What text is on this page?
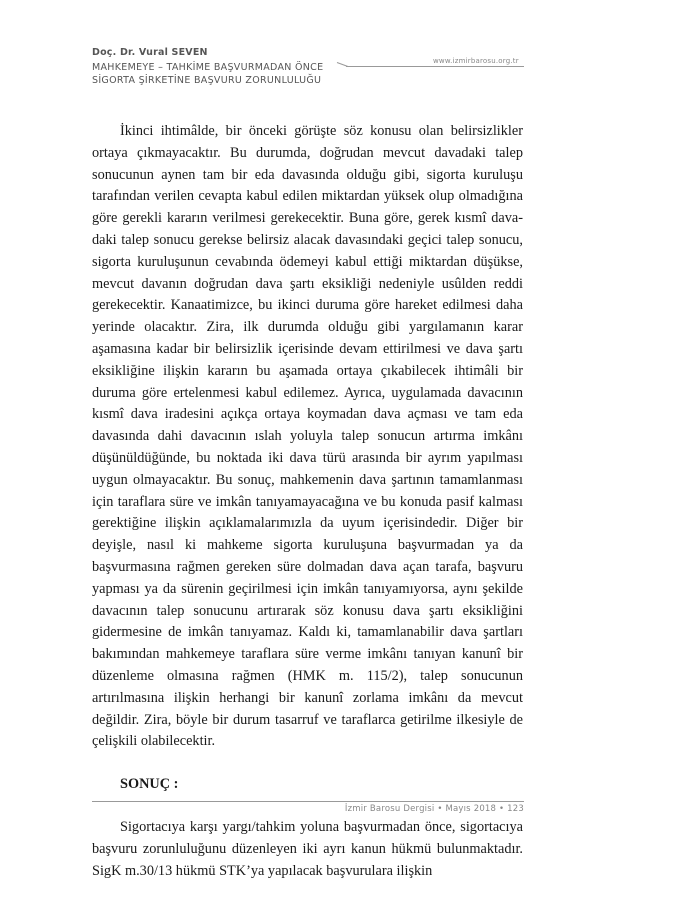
Doç. Dr. Vural SEVEN
MAHKEMEYE – TAHKİME BAŞVURMADAN ÖNCE
SİGORTA ŞİRKETİNE BAŞVURU ZORUNLULUĞU
www.izmirbarosu.org.tr

İkinci ihtimâlde, bir önceki görüşte söz konusu olan belirsizlikler ortaya çıkmayacaktır. Bu durumda, doğrudan mevcut davadaki talep sonucunun aynen tam bir eda davasında olduğu gibi, sigorta kuruluşu tarafından verilen cevapta kabul edilen miktardan yüksek olup olmadığına göre gerekli kararın verilmesi gerekecektir. Buna göre, gerek kısmî dava-daki talep sonucu gerekse belirsiz alacak davasındaki geçici talep sonucu, sigorta kuruluşunun cevabında ödemeyi kabul ettiği miktardan düşükse, mevcut davanın doğrudan dava şartı eksikliği nedeniyle usûlden reddi gerekecektir. Kanaatimizce, bu ikinci duruma göre hareket edilmesi daha yerinde olacaktır. Zira, ilk durumda olduğu gibi yargılamanın karar aşamasına kadar bir belirsizlik içerisinde devam ettirilmesi ve dava şartı eksikliğine ilişkin kararın bu aşamada ortaya çıkabilecek ihtimâli bir duruma göre ertelenmesi kabul edilemez. Ayrıca, uygulamada davacının kısmî dava iradesini açıkça ortaya koymadan dava açması ve tam eda davasında dahi davacının ıslah yoluyla talep sonucun artırma imkânı düşünüldüğünde, bu noktada iki dava türü arasında bir ayrım yapılması uygun olmayacaktır. Bu sonuç, mahkemenin dava şartının tamamlanması için taraflara süre ve imkân tanıyamayacağına ve bu konuda pasif kalması gerektiğine ilişkin açıklamalarımızla da uyum içerisindedir. Diğer bir deyişle, nasıl ki mahkeme sigorta kuruluşuna başvurmadan ya da başvurmasına rağmen gereken süre dolmadan dava açan tarafa, başvuru yapması ya da sürenin geçirilmesi için imkân tanıyamıyorsa, aynı şekilde davacının talep sonucunu artırarak söz konusu dava şartı eksikliğini gidermesine de imkân tanıyamaz. Kaldı ki, tamamlanabilir dava şartları bakımından mahkemeye taraflara süre verme imkânı tanıyan kanunî bir düzenleme olmasına rağmen (HMK m. 115/2), talep sonucunun artırılmasına ilişkin herhangi bir kanunî zorlama imkânı da mevcut değildir. Zira, böyle bir durum tasarruf ve taraflarca getirilme ilkesiyle de çelişkili olabilecektir.

SONUÇ :

Sigortacıya karşı yargı/tahkim yoluna başvurmadan önce, sigortacıya başvuru zorunluluğunu düzenleyen iki ayrı kanun hükmü bulunmaktadır. SigK m.30/13 hükmü STK’ya yapılacak başvurulara ilişkin

İzmir Barosu Dergisi • Mayıs 2018 • 123
